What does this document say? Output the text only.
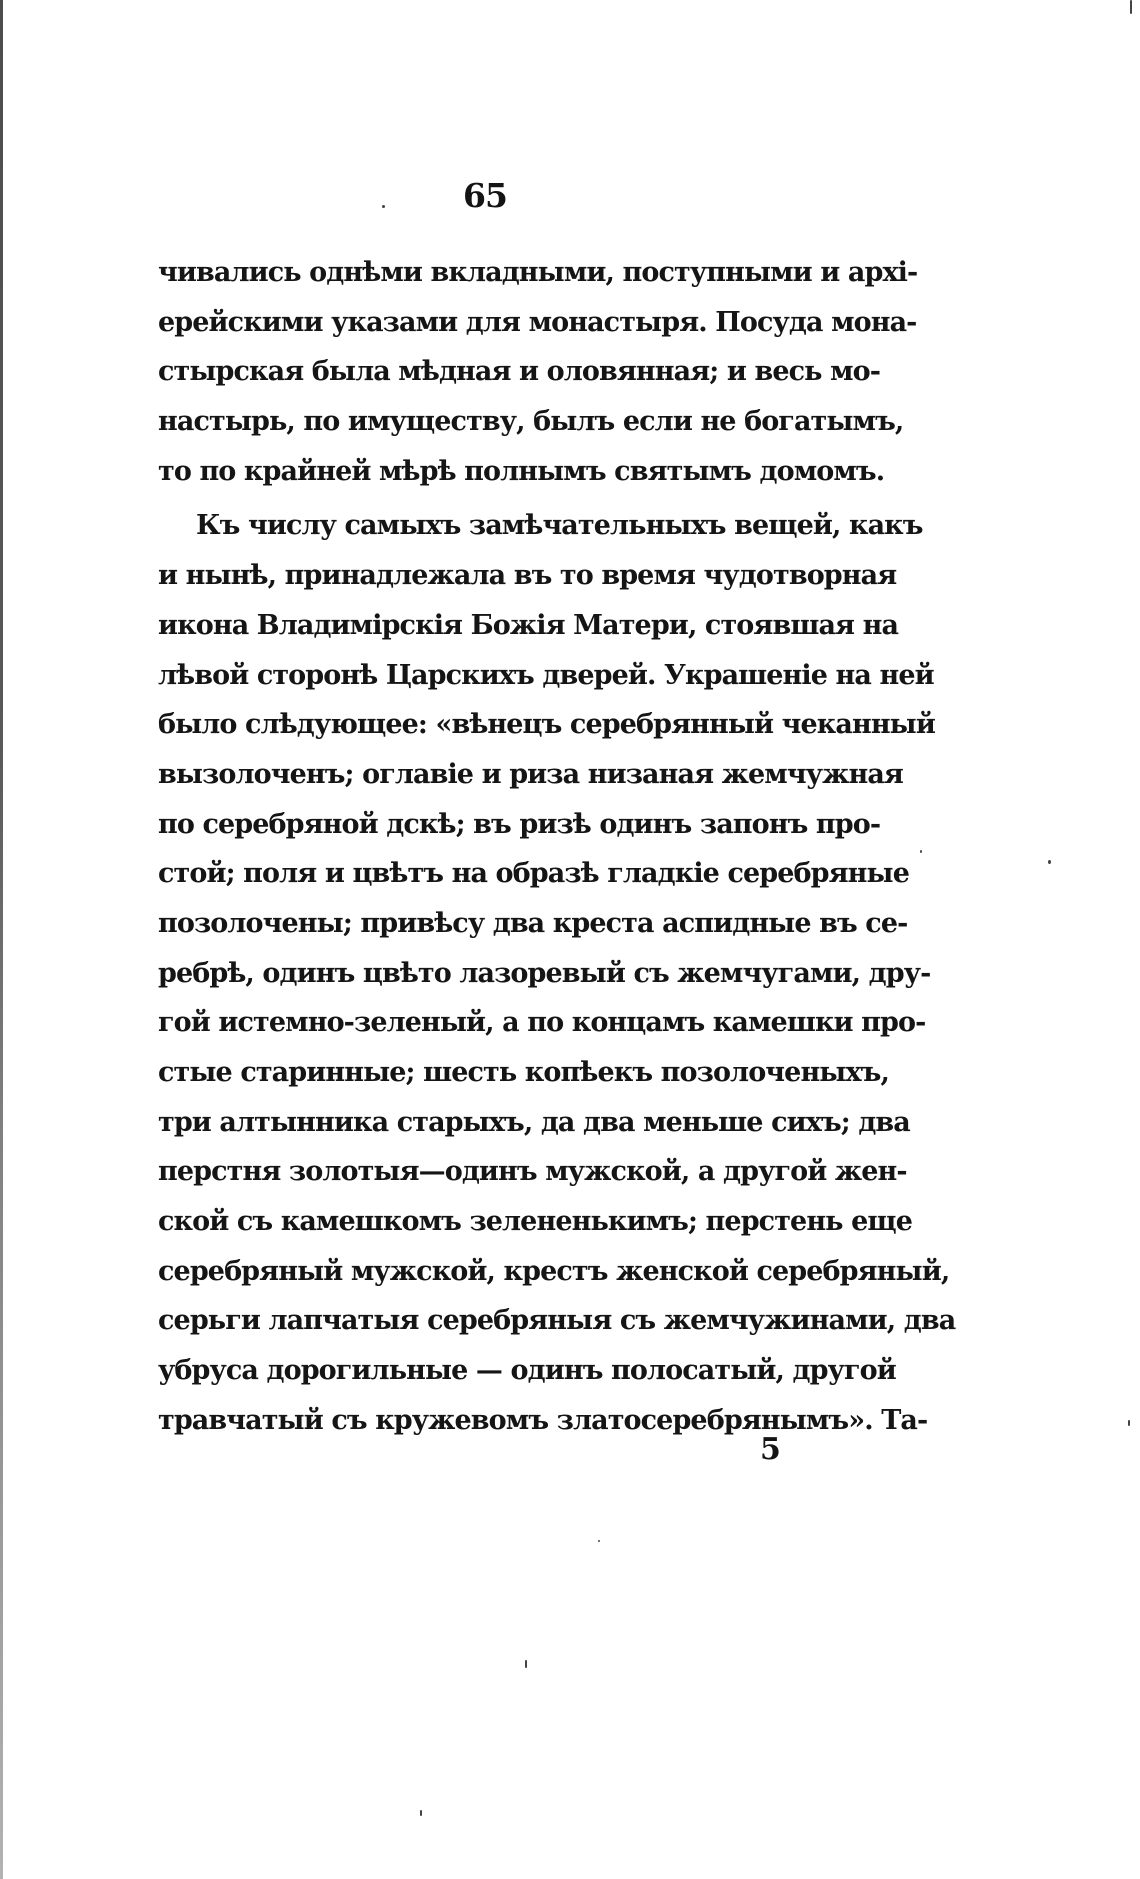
65
чивались однѣми вкладными, поступными и архі-
ерейскими указами для монастыря. Посуда мона-
стырская была мѣдная и оловянная; и весь мо-
настырь, по имуществу, былъ если не богатымъ,
то по крайней мѣрѣ полнымъ святымъ домомъ.
Къ числу самыхъ замѣчательныхъ вещей, какъ
и нынѣ, принадлежала въ то время чудотворная
икона Владимірскія Божія Матери, стоявшая на
лѣвой сторонѣ Царскихъ дверей. Украшеніе на ней
было слѣдующее: «вѣнецъ серебрянный чеканный
вызолоченъ; оглавіе и риза низаная жемчужная
по серебряной дскѣ; въ ризѣ одинъ запонъ про-
стой; поля и цвѣтъ на образѣ гладкіе серебряные
позолочены; привѣсу два креста аспидные въ се-
ребрѣ, одинъ цвѣто лазоревый съ жемчугами, дру-
гой истемно-зеленый, а по концамъ камешки про-
стые старинные; шесть копѣекъ позолоченыхъ,
три алтынника старыхъ, да два меньше сихъ; два
перстня золотыя—одинъ мужской, а другой жен-
ской съ камешкомъ зелененькимъ; перстень еще
серебряный мужской, крестъ женской серебряный,
серьги лапчатыя серебряныя съ жемчужинами, два
убруса дорогильные — одинъ полосатый, другой
травчатый съ кружевомъ златосеребрянымъ». Та-
5
